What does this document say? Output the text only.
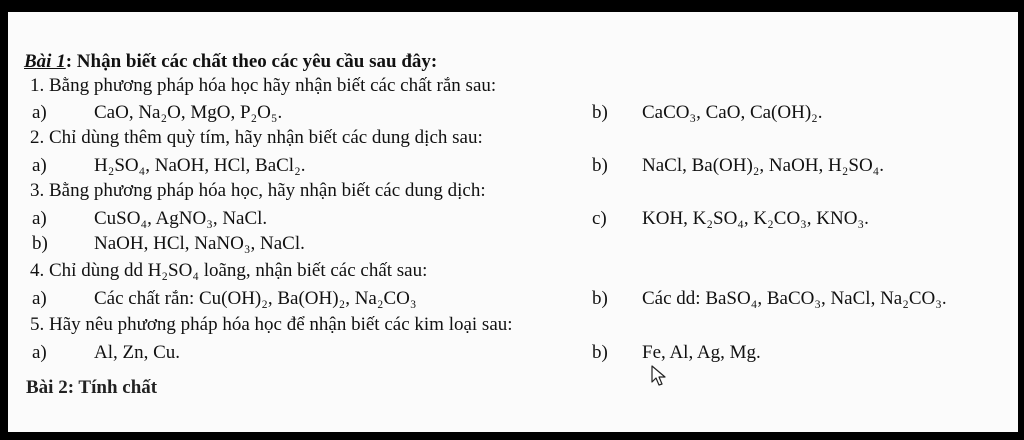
Bài 1: Nhận biết các chất theo các yêu cầu sau đây:
1. Bằng phương pháp hóa học hãy nhận biết các chất rắn sau:
a) CaO, Na₂O, MgO, P₂O₅.	b) CaCO₃, CaO, Ca(OH)₂.
2. Chỉ dùng thêm quỳ tím, hãy nhận biết các dung dịch sau:
a) H₂SO₄, NaOH, HCl, BaCl₂.	b) NaCl, Ba(OH)₂, NaOH, H₂SO₄.
3. Bằng phương pháp hóa học, hãy nhận biết các dung dịch:
a) CuSO₄, AgNO₃, NaCl.	c) KOH, K₂SO₄, K₂CO₃, KNO₃.
b) NaOH, HCl, NaNO₃, NaCl.
4. Chỉ dùng dd H₂SO₄ loãng, nhận biết các chất sau:
a) Các chất rắn: Cu(OH)₂, Ba(OH)₂, Na₂CO₃	b) Các dd: BaSO₄, BaCO₃, NaCl, Na₂CO₃.
5. Hãy nêu phương pháp hóa học để nhận biết các kim loại sau:
a) Al, Zn, Cu.	b) Fe, Al, Ag, Mg.
Bài 2: Tính chất
